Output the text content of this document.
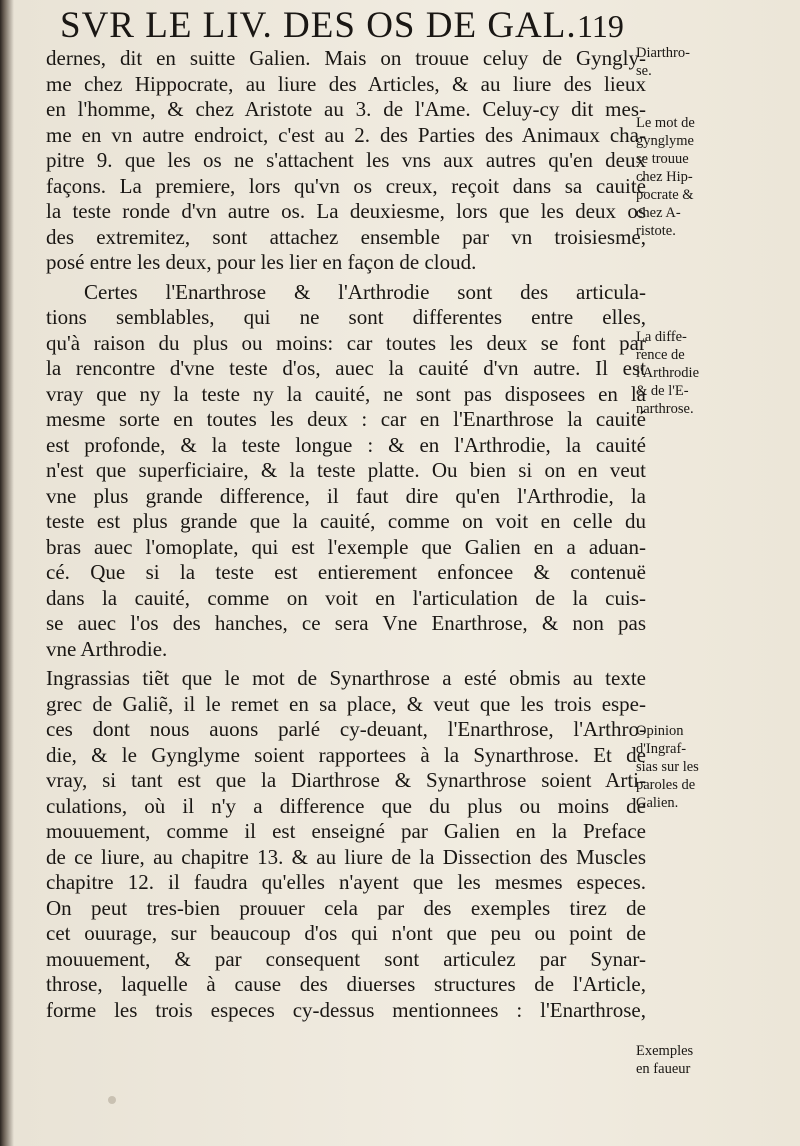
SVR LE LIV. DES OS DE GAL. 119
dernes, dit en suitte Galien. Mais on trouue celuy de Gyngly-
me chez Hippocrate, au liure des Articles, & au liure des lieux
en l'homme, & chez Aristote au 3. de l'Ame. Celuy-cy dit mes-
me en vn autre endroict, c'est au 2. des Parties des Animaux cha-
pitre 9. que les os ne s'attachent les vns aux autres qu'en deux
façons. La premiere, lors qu'vn os creux, reçoit dans sa cauité
la teste ronde d'vn autre os. La deuxiesme, lors que les deux os
des extremitez, sont attachez ensemble par vn troisiesme,
posé entre les deux, pour les lier en façon de cloud.
Certes l'Enarthrose & l'Arthrodie sont des articula-
tions semblables, qui ne sont differentes entre elles,
qu'à raison du plus ou moins: car toutes les deux se font par
la rencontre d'vne teste d'os, auec la cauité d'vn autre. Il est
vray que ny la teste ny la cauité, ne sont pas disposees en la
mesme sorte en toutes les deux : car en l'Enarthrose la cauité
est profonde, & la teste longue : & en l'Arthrodie, la cauité
n'est que superficiaire, & la teste platte. Ou bien si on en veut
vne plus grande difference, il faut dire qu'en l'Arthrodie, la
teste est plus grande que la cauité, comme on voit en celle du
bras auec l'omoplate, qui est l'exemple que Galien en a aduan-
cé. Que si la teste est entierement enfoncee & contenuë
dans la cauité, comme on voit en l'articulation de la cuis-
se auec l'os des hanches, ce sera Vne Enarthrose, & non pas
vne Arthrodie.
Ingrassias tiẽt que le mot de Synarthrose a esté obmis au texte
grec de Galiẽ, il le remet en sa place, & veut que les trois espe-
ces dont nous auons parlé cy-deuant, l'Enarthrose, l'Arthro-
die, & le Gynglyme soient rapportees à la Synarthrose. Et de
vray, si tant est que la Diarthrose & Synarthrose soient Arti-
culations, où il n'y a difference que du plus ou moins de
mouuement, comme il est enseigné par Galien en la Preface
de ce liure, au chapitre 13. & au liure de la Dissection des Muscles
chapitre 12. il faudra qu'elles n'ayent que les mesmes especes.
On peut tres-bien prouuer cela par des exemples tirez de
cet ouurage, sur beaucoup d'os qui n'ont que peu ou point de
mouuement, & par consequent sont articulez par Synar-
throse, laquelle à cause des diuerses structures de l'Article,
forme les trois especes cy-dessus mentionnees : l'Enarthrose,
Diarthro-
se.
Le mot de
gynglyme
se trouue
chez Hip-
pocrate &
chez A-
ristote.
La diffe-
rence de
l'Arthrodie
& de l'E-
narthrose.
Opinion
d'Ingraf-
sias sur les
paroles de
Galien.
Exemples
en faueur
